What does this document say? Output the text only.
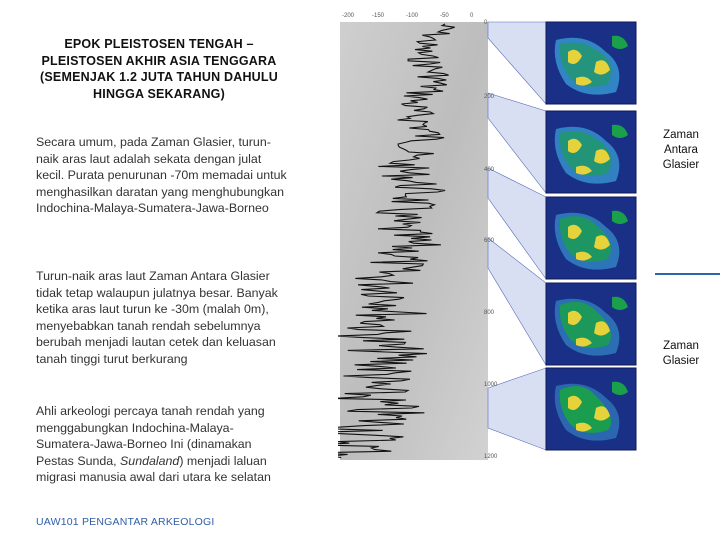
EPOK PLEISTOSEN TENGAH – PLEISTOSEN AKHIR ASIA TENGGARA (SEMENJAK 1.2 JUTA TAHUN DAHULU HINGGA SEKARANG)
Secara umum, pada Zaman Glasier, turun-naik aras laut adalah sekata dengan julat kecil. Purata penurunan -70m memadai untuk menghasilkan daratan yang menghubungkan Indochina-Malaya-Sumatera-Jawa-Borneo
Turun-naik aras laut Zaman Antara Glasier tidak tetap walaupun julatnya besar. Banyak ketika aras laut turun ke -30m (malah 0m), menyebabkan tanah rendah sebelumnya berubah menjadi lautan cetek dan keluasan tanah tinggi turut berkurang
Ahli arkeologi percaya tanah rendah yang menggabungkan Indochina-Malaya-Sumatera-Jawa-Borneo Ini (dinamakan Pestas Sunda, Sundaland) menjadi laluan migrasi manusia awal dari utara ke selatan
UAW101 PENGANTAR ARKEOLOGI
-200	-150	-100	-50	0
0
200
400
600
800
1000
1200
Zaman Antara Glasier
Zaman Glasier
